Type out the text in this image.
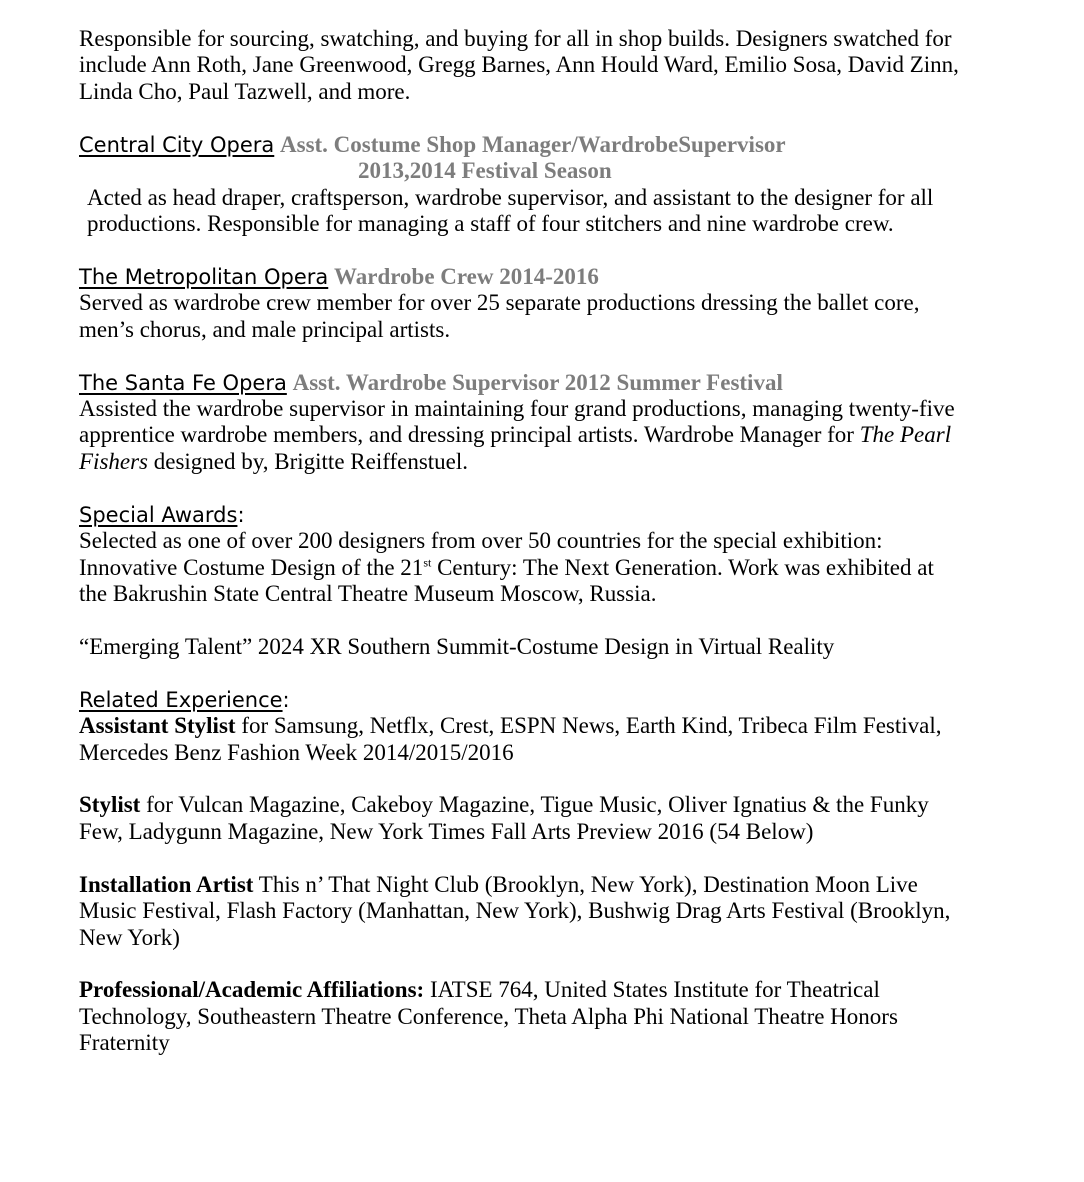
Responsible for sourcing, swatching, and buying for all in shop builds. Designers swatched for include Ann Roth, Jane Greenwood, Gregg Barnes, Ann Hould Ward, Emilio Sosa, David Zinn, Linda Cho, Paul Tazwell, and more.

Central City Opera Asst. Costume Shop Manager/WardrobeSupervisor
2013,2014 Festival Season

Acted as head draper, craftsperson, wardrobe supervisor, and assistant to the designer for all productions. Responsible for managing a staff of four stitchers and nine wardrobe crew.

The Metropolitan Opera Wardrobe Crew 2014-2016

Served as wardrobe crew member for over 25 separate productions dressing the ballet core, men’s chorus, and male principal artists.

The Santa Fe Opera Asst. Wardrobe Supervisor 2012 Summer Festival

Assisted the wardrobe supervisor in maintaining four grand productions, managing twenty-five apprentice wardrobe members, and dressing principal artists. Wardrobe Manager for The Pearl Fishers designed by, Brigitte Reiffenstuel.

Special Awards:

Selected as one of over 200 designers from over 50 countries for the special exhibition: Innovative Costume Design of the 21st Century: The Next Generation. Work was exhibited at the Bakrushin State Central Theatre Museum Moscow, Russia.

“Emerging Talent” 2024 XR Southern Summit-Costume Design in Virtual Reality

Related Experience:

Assistant Stylist for Samsung, Netflx, Crest, ESPN News, Earth Kind, Tribeca Film Festival, Mercedes Benz Fashion Week 2014/2015/2016

Stylist for Vulcan Magazine, Cakeboy Magazine, Tigue Music, Oliver Ignatius & the Funky Few, Ladygunn Magazine, New York Times Fall Arts Preview 2016 (54 Below)

Installation Artist This n’ That Night Club (Brooklyn, New York), Destination Moon Live Music Festival, Flash Factory (Manhattan, New York), Bushwig Drag Arts Festival (Brooklyn, New York)

Professional/Academic Affiliations: IATSE 764, United States Institute for Theatrical Technology, Southeastern Theatre Conference, Theta Alpha Phi National Theatre Honors Fraternity
